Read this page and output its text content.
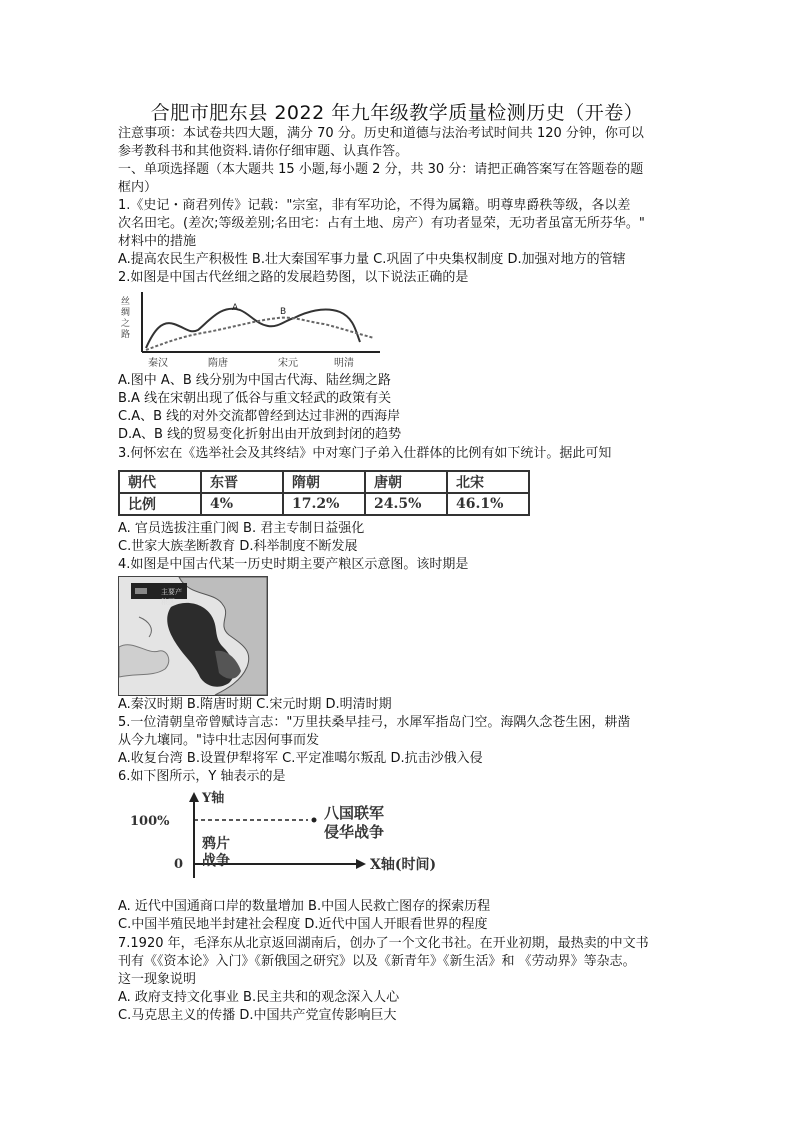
合肥市肥东县 2022 年九年级教学质量检测历史（开卷）
注意事项：本试卷共四大题，满分 70 分。历史和道德与法治考试时间共 120 分钟，你可以
参考教科书和其他资料.请你仔细审题、认真作答。
一、单项选择题（本大题共 15 小题,每小题 2 分，共 30 分：请把正确答案写在答题卷的题
框内）
1.《史记・商君列传》记载："宗室，非有军功论，不得为属籍。明尊卑爵秩等级，各以差
次名田宅。(差次;等级差别;名田宅：占有土地、房产）有功者显荣，无功者虽富无所芬华。"
材料中的措施
A.提高农民生产积极性 B.壮大秦国军事力量 C.巩固了中央集权制度 D.加强对地方的管辖
2.如图是中国古代丝细之路的发展趋势图，以下说法正确的是
丝
绸
之
路
A	B
秦汉	隋唐	宋元	明清
A.图中 A、B 线分别为中国古代海、陆丝绸之路
B.A 线在宋朝出现了低谷与重文轻武的政策有关
C.A、B 线的对外交流都曾经到达过非洲的西海岸
D.A、B 线的贸易变化折射出由开放到封闭的趋势
3.何怀宏在《选举社会及其终结》中对寒门子弟入仕群体的比例有如下统计。据此可知
朝代	东晋	隋朝	唐朝	北宋
比例	4%	17.2%	24.5%	46.1%
A. 官员选拔注重门阀 B. 君主专制日益强化
C.世家大族垄断教育 D.科举制度不断发展
4.如图是中国古代某一历史时期主要产粮区示意图。该时期是
主要产粮区
A.秦汉时期 B.隋唐时期 C.宋元时期 D.明清时期
5.一位清朝皇帝曾赋诗言志："万里扶桑早挂弓，水犀军指岛门空。海隅久念苍生困，耕凿
从今九壤同。"诗中壮志因何事而发
A.收复台湾 B.设置伊犁将军 C.平定准噶尔叛乱 D.抗击沙俄入侵
6.如下图所示，Y 轴表示的是
Y轴
100%
0
八国联军
侵华战争
鸦片
战争	X轴(时间)
A. 近代中国通商口岸的数量增加 B.中国人民救亡图存的探索历程
C.中国半殖民地半封建社会程度 D.近代中国人开眼看世界的程度
7.1920 年，毛泽东从北京返回湖南后，创办了一个文化书社。在开业初期，最热卖的中文书
刊有《《资本论》入门》《新俄国之研究》以及《新青年》《新生活》和 《劳动界》等杂志。
这一现象说明
A. 政府支持文化事业 B.民主共和的观念深入人心
C.马克思主义的传播 D.中国共产党宣传影响巨大
